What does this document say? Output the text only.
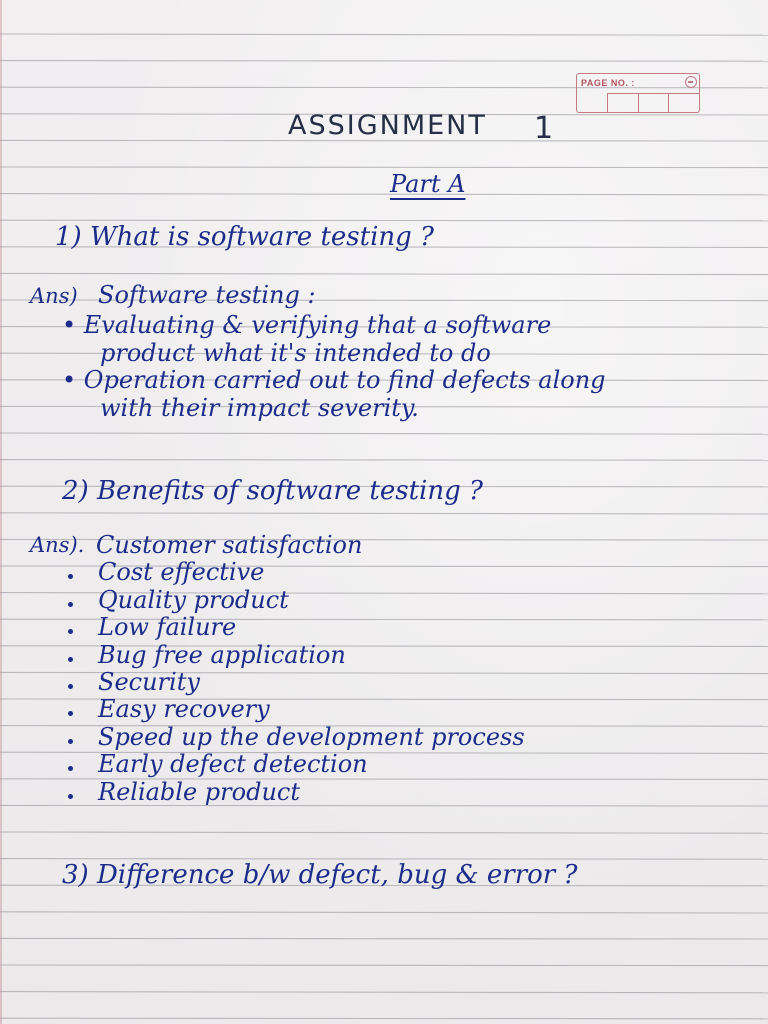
PAGE NO. :
ASSIGNMENT 1
Part A
1) What is software testing ?
Ans) Software testing :
• Evaluating & verifying that a software
product what it's intended to do
• Operation carried out to find defects along
with their impact severity.
2) Benefits of software testing ?
Ans). Customer satisfaction
Cost effective
Quality product
Low failure
Bug free application
Security
Easy recovery
Speed up the development process
Early defect detection
Reliable product
3) Difference b/w defect, bug & error ?
